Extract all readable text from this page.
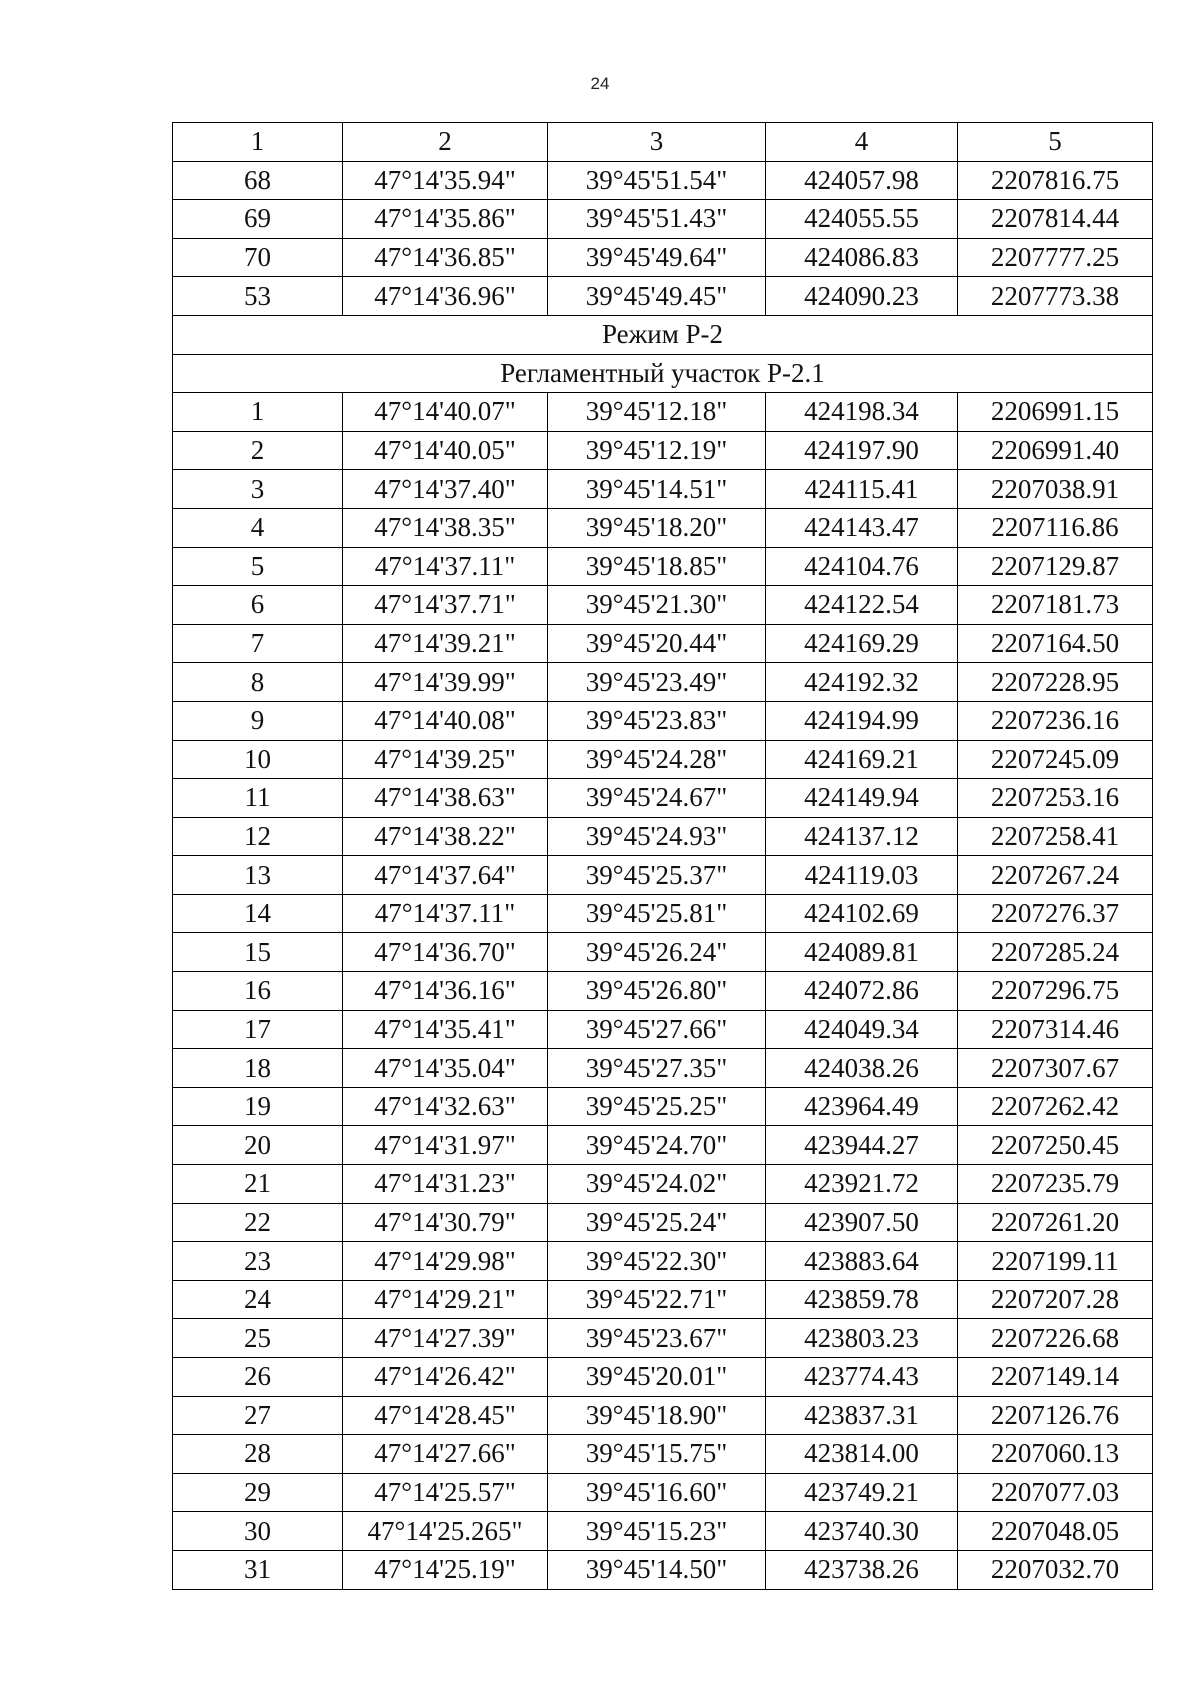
24
1	2	3	4	5
68	47°14'35.94"	39°45'51.54"	424057.98	2207816.75
69	47°14'35.86"	39°45'51.43"	424055.55	2207814.44
70	47°14'36.85"	39°45'49.64"	424086.83	2207777.25
53	47°14'36.96"	39°45'49.45"	424090.23	2207773.38
Режим Р-2				
Регламентный участок Р-2.1				
1	47°14'40.07"	39°45'12.18"	424198.34	2206991.15
2	47°14'40.05"	39°45'12.19"	424197.90	2206991.40
3	47°14'37.40"	39°45'14.51"	424115.41	2207038.91
4	47°14'38.35"	39°45'18.20"	424143.47	2207116.86
5	47°14'37.11"	39°45'18.85"	424104.76	2207129.87
6	47°14'37.71"	39°45'21.30"	424122.54	2207181.73
7	47°14'39.21"	39°45'20.44"	424169.29	2207164.50
8	47°14'39.99"	39°45'23.49"	424192.32	2207228.95
9	47°14'40.08"	39°45'23.83"	424194.99	2207236.16
10	47°14'39.25"	39°45'24.28"	424169.21	2207245.09
11	47°14'38.63"	39°45'24.67"	424149.94	2207253.16
12	47°14'38.22"	39°45'24.93"	424137.12	2207258.41
13	47°14'37.64"	39°45'25.37"	424119.03	2207267.24
14	47°14'37.11"	39°45'25.81"	424102.69	2207276.37
15	47°14'36.70"	39°45'26.24"	424089.81	2207285.24
16	47°14'36.16"	39°45'26.80"	424072.86	2207296.75
17	47°14'35.41"	39°45'27.66"	424049.34	2207314.46
18	47°14'35.04"	39°45'27.35"	424038.26	2207307.67
19	47°14'32.63"	39°45'25.25"	423964.49	2207262.42
20	47°14'31.97"	39°45'24.70"	423944.27	2207250.45
21	47°14'31.23"	39°45'24.02"	423921.72	2207235.79
22	47°14'30.79"	39°45'25.24"	423907.50	2207261.20
23	47°14'29.98"	39°45'22.30"	423883.64	2207199.11
24	47°14'29.21"	39°45'22.71"	423859.78	2207207.28
25	47°14'27.39"	39°45'23.67"	423803.23	2207226.68
26	47°14'26.42"	39°45'20.01"	423774.43	2207149.14
27	47°14'28.45"	39°45'18.90"	423837.31	2207126.76
28	47°14'27.66"	39°45'15.75"	423814.00	2207060.13
29	47°14'25.57"	39°45'16.60"	423749.21	2207077.03
30	47°14'25.265"	39°45'15.23"	423740.30	2207048.05
31	47°14'25.19"	39°45'14.50"	423738.26	2207032.70
